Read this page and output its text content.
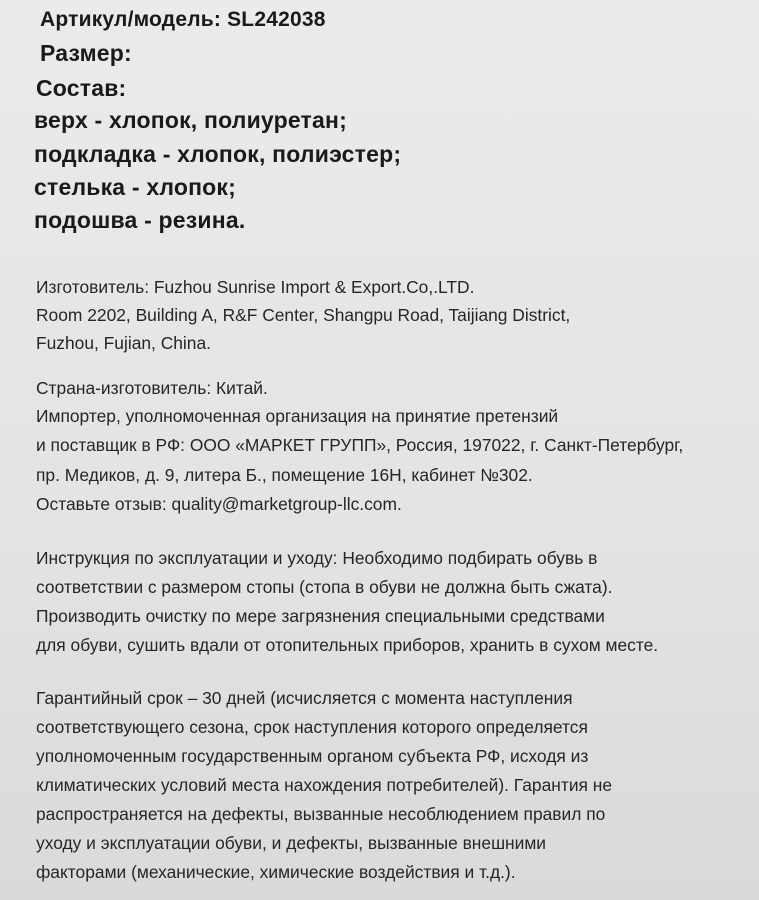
Артикул/модель: SL242038
Размер:
Состав:
верх - хлопок, полиуретан;
подкладка - хлопок, полиэстер;
стелька - хлопок;
подошва - резина.
Изготовитель: Fuzhou Sunrise Import & Export.Co,.LTD.
Room 2202, Building A, R&F Center, Shangpu Road, Taijiang District,
Fuzhou, Fujian, China.
Страна-изготовитель: Китай.
Импортер, уполномоченная организация на принятие претензий
и поставщик в РФ: ООО «МАРКЕТ ГРУПП», Россия, 197022, г. Санкт-Петербург,
пр. Медиков, д. 9, литера Б., помещение 16Н, кабинет №302.
Оставьте отзыв: quality@marketgroup-llc.com.
Инструкция по эксплуатации и уходу: Необходимо подбирать обувь в
соответствии с размером стопы (стопа в обуви не должна быть сжата).
Производить очистку по мере загрязнения специальными средствами
для обуви, сушить вдали от отопительных приборов, хранить в сухом месте.
Гарантийный срок – 30 дней (исчисляется с момента наступления
соответствующего сезона, срок наступления которого определяется
уполномоченным государственным органом субъекта РФ, исходя из
климатических условий места нахождения потребителей). Гарантия не
распространяется на дефекты, вызванные несоблюдением правил по
уходу и эксплуатации обуви, и дефекты, вызванные внешними
факторами (механические, химические воздействия и т.д.).
